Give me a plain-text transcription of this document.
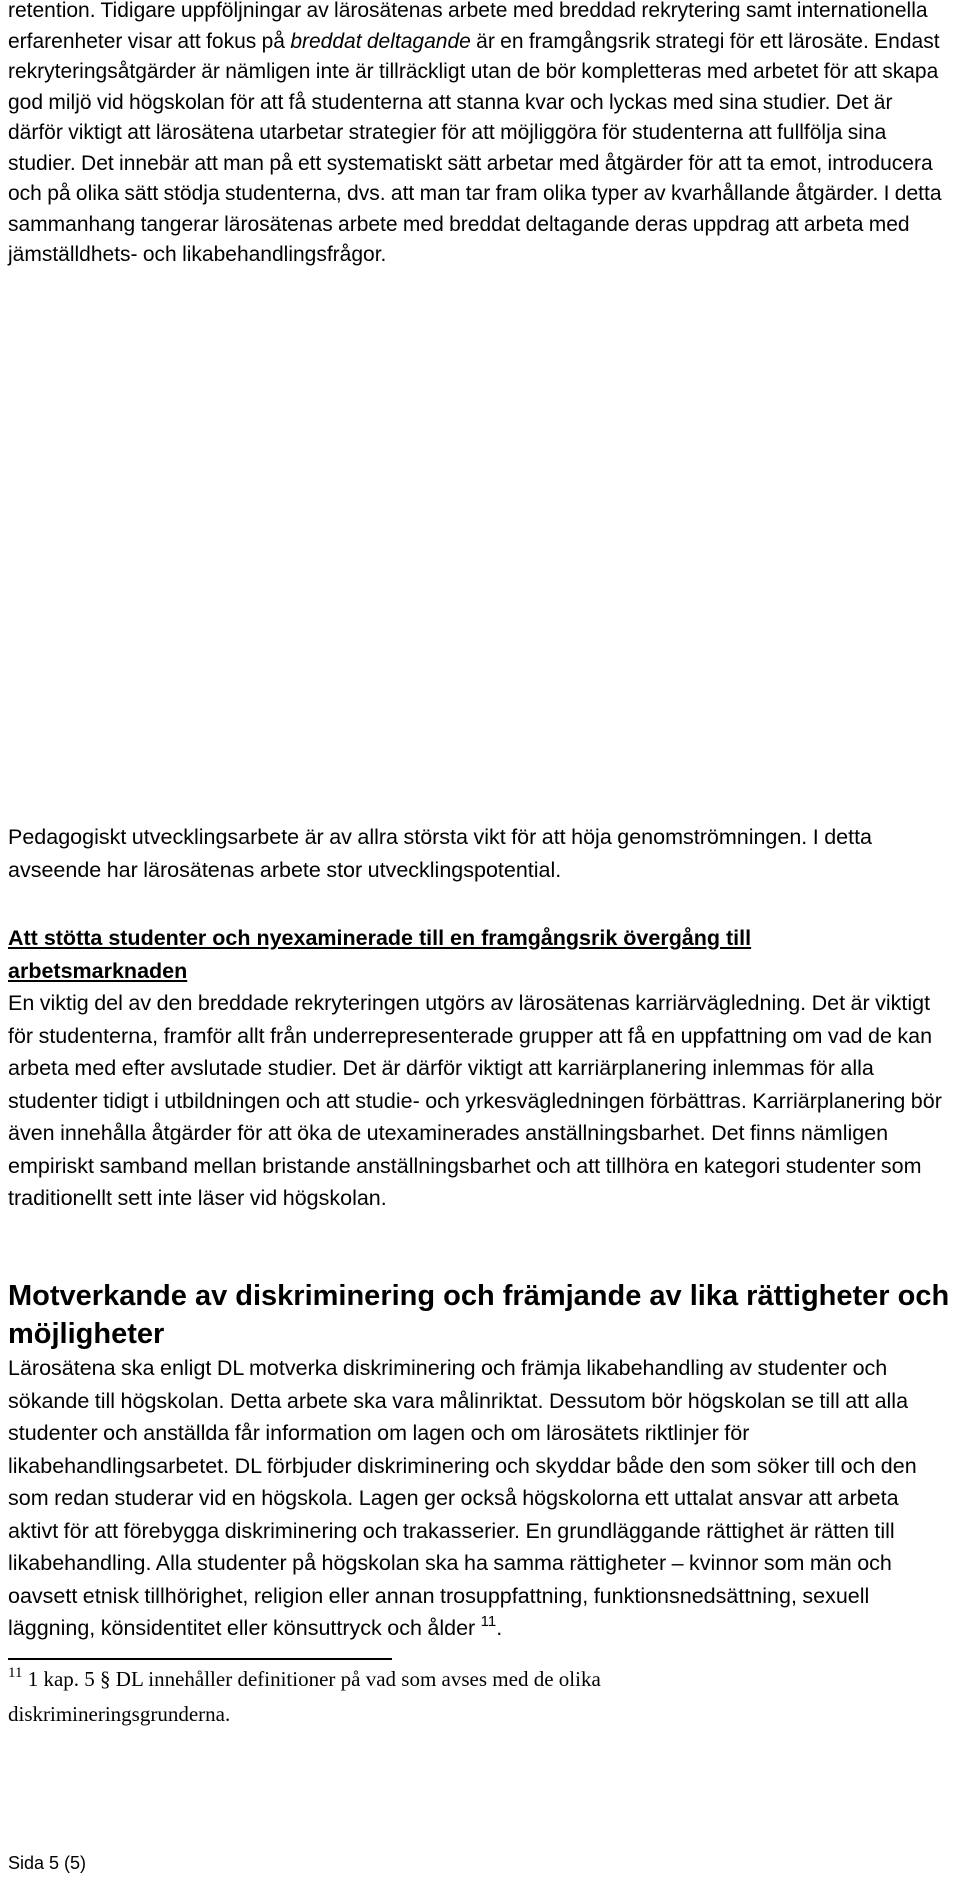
retention. Tidigare uppföljningar av lärosätenas arbete med breddad rekrytering samt internationella erfarenheter visar att fokus på breddat deltagande är en framgångsrik strategi för ett lärosäte. Endast rekryteringsåtgärder är nämligen inte är tillräckligt utan de bör kompletteras med arbetet för att skapa god miljö vid högskolan för att få studenterna att stanna kvar och lyckas med sina studier. Det är därför viktigt att lärosätena utarbetar strategier för att möjliggöra för studenterna att fullfölja sina studier. Det innebär att man på ett systematiskt sätt arbetar med åtgärder för att ta emot, introducera och på olika sätt stödja studenterna, dvs. att man tar fram olika typer av kvarhållande åtgärder. I detta sammanhang tangerar lärosätenas arbete med breddat deltagande deras uppdrag att arbeta med jämställdhets- och likabehandlingsfrågor.

Pedagogiskt utvecklingsarbete är av allra största vikt för att höja genomströmningen. I detta avseende har lärosätenas arbete stor utvecklingspotential.

Att stötta studenter och nyexaminerade till en framgångsrik övergång till arbetsmarknaden

En viktig del av den breddade rekryteringen utgörs av lärosätenas karriärvägledning. Det är viktigt för studenterna, framför allt från underrepresenterade grupper att få en uppfattning om vad de kan arbeta med efter avslutade studier. Det är därför viktigt att karriärplanering inlemmas för alla studenter tidigt i utbildningen och att studie- och yrkesvägledningen förbättras. Karriärplanering bör även innehålla åtgärder för att öka de utexaminerades anställningsbarhet. Det finns nämligen empiriskt samband mellan bristande anställningsbarhet och att tillhöra en kategori studenter som traditionellt sett inte läser vid högskolan.

Motverkande av diskriminering och främjande av lika rättigheter och möjligheter

Lärosätena ska enligt DL motverka diskriminering och främja likabehandling av studenter och sökande till högskolan. Detta arbete ska vara målinriktat. Dessutom bör högskolan se till att alla studenter och anställda får information om lagen och om lärosätets riktlinjer för likabehandlingsarbetet. DL förbjuder diskriminering och skyddar både den som söker till och den som redan studerar vid en högskola. Lagen ger också högskolorna ett uttalat ansvar att arbeta aktivt för att förebygga diskriminering och trakasserier. En grundläggande rättighet är rätten till likabehandling. Alla studenter på högskolan ska ha samma rättigheter – kvinnor som män och oavsett etnisk tillhörighet, religion eller annan trosuppfattning, funktionsnedsättning, sexuell läggning, könsidentitet eller könsuttryck och ålder $^{11}$.

$^{11}$ 1 kap. 5 § DL innehåller definitioner på vad som avses med de olika diskrimineringsgrunderna.

Sida 5 (5)
